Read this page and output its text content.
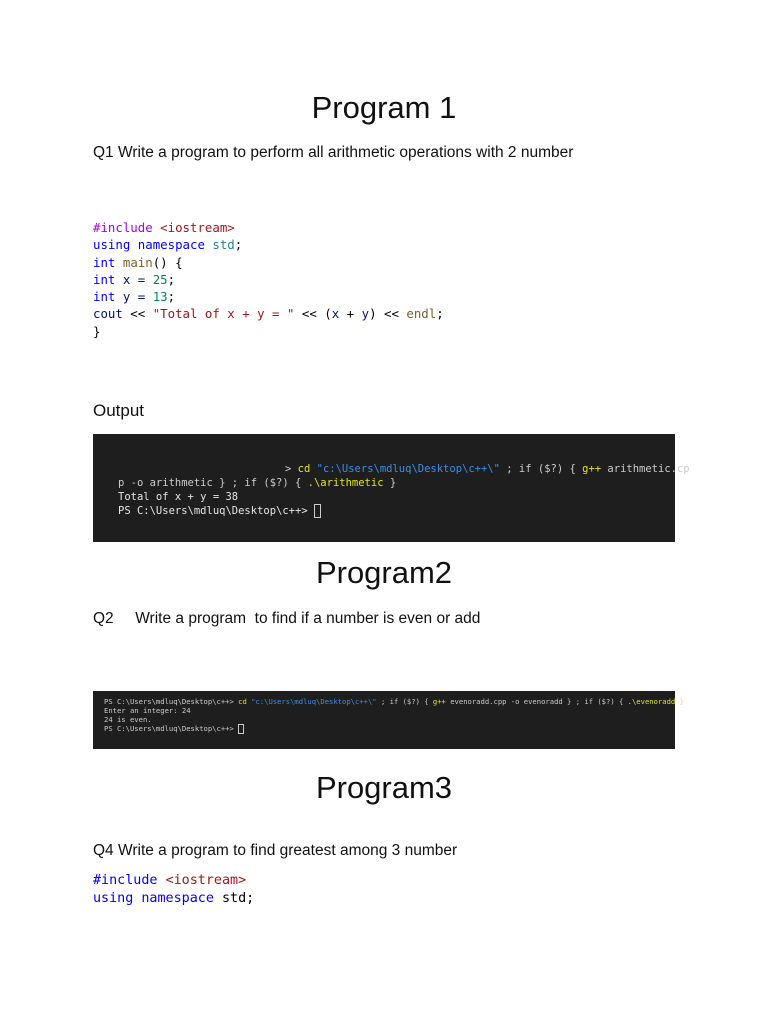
Program 1
Q1 Write a program to perform all arithmetic operations with 2 number
#include <iostream>
using namespace std;
int main() {
int x = 25;
int y = 13;
cout << "Total of x + y = " << (x + y) << endl;
}
Output
> cd "c:\Users\mdluq\Desktop\c++\" ; if ($?) { g++ arithmetic.cp
p -o arithmetic } ; if ($?) { .\arithmetic }
Total of x + y = 38
PS C:\Users\mdluq\Desktop\c++>
Program2
Q2     Write a program  to find if a number is even or add
PS C:\Users\mdluq\Desktop\c++> cd "c:\Users\mdluq\Desktop\c++\" ; if ($?) { g++ evenoradd.cpp -o evenoradd } ; if ($?) { .\evenoradd }
Enter an integer: 24
24 is even.
PS C:\Users\mdluq\Desktop\c++>
Program3
Q4 Write a program to find greatest among 3 number
#include <iostream>
using namespace std;
